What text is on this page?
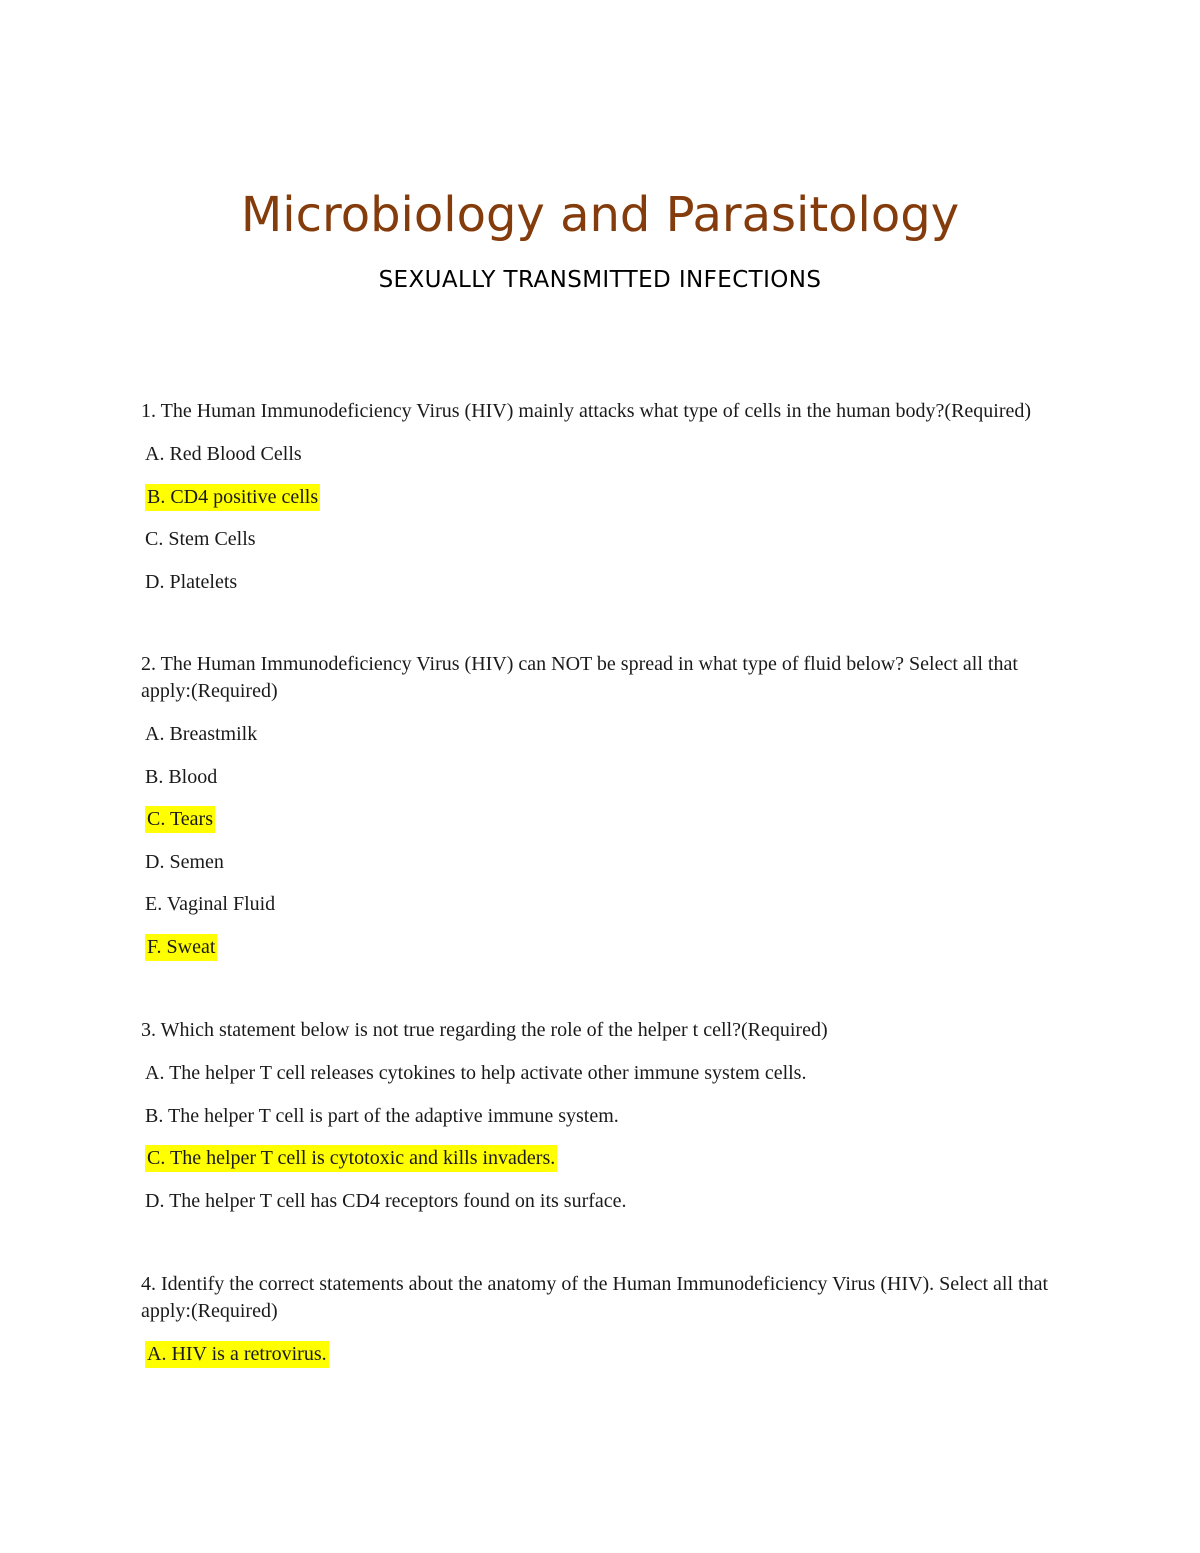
Microbiology and Parasitology
SEXUALLY TRANSMITTED INFECTIONS
1. The Human Immunodeficiency Virus (HIV) mainly attacks what type of cells in the human body?(Required)
A. Red Blood Cells
B. CD4 positive cells
C. Stem Cells
D. Platelets
2. The Human Immunodeficiency Virus (HIV) can NOT be spread in what type of fluid below? Select all that apply:(Required)
A. Breastmilk
B. Blood
C. Tears
D. Semen
E. Vaginal Fluid
F. Sweat
3. Which statement below is not true regarding the role of the helper t cell?(Required)
A. The helper T cell releases cytokines to help activate other immune system cells.
B. The helper T cell is part of the adaptive immune system.
C. The helper T cell is cytotoxic and kills invaders.
D. The helper T cell has CD4 receptors found on its surface.
4. Identify the correct statements about the anatomy of the Human Immunodeficiency Virus (HIV). Select all that apply:(Required)
A. HIV is a retrovirus.
